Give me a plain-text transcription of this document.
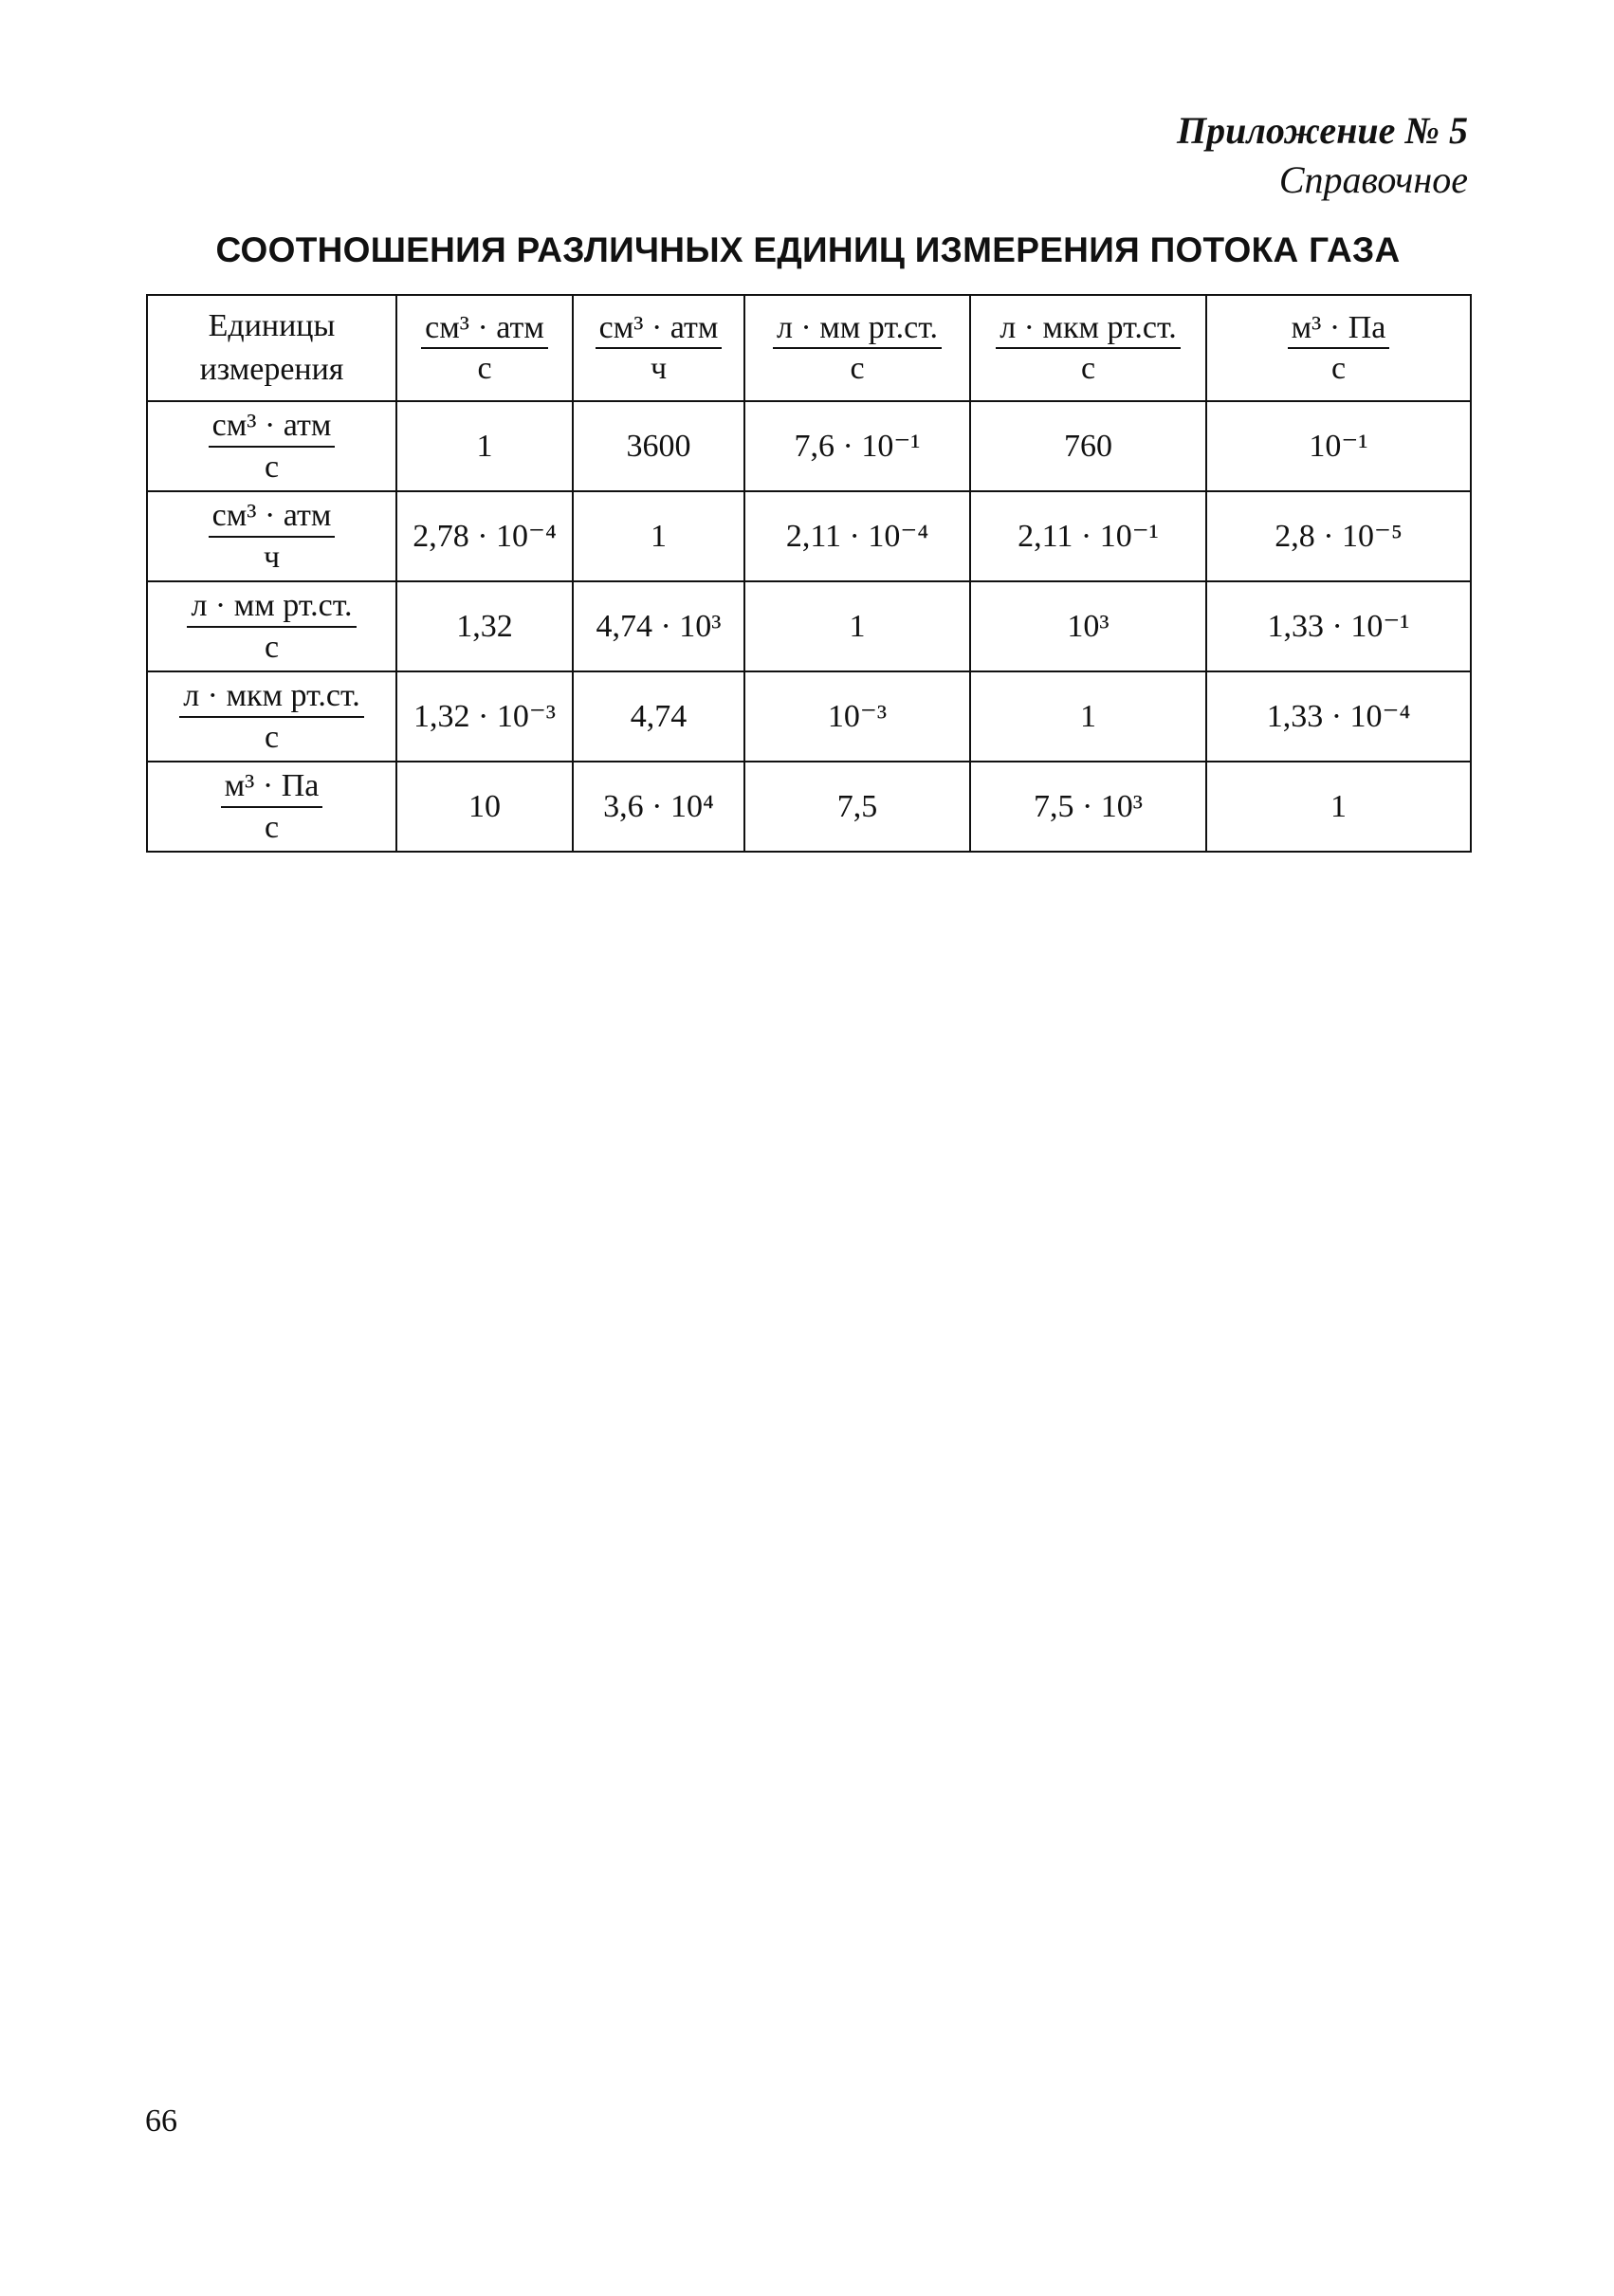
Приложение № 5
Справочное
СООТНОШЕНИЯ РАЗЛИЧНЫХ ЕДИНИЦ ИЗМЕРЕНИЯ ПОТОКА ГАЗА
Единицы
измерения	$\frac{\text{см³ · атм}}{с}$	$\frac{\text{см³ · атм}}{ч}$	$\frac{\text{л · мм рт.ст.}}{с}$	$\frac{\text{л · мкм рт.ст.}}{с}$	$\frac{\text{м³ · Па}}{с}$

$\frac{\text{см³ · атм}}{с}$	1	3600	7,6 · 10⁻¹	760	10⁻¹

$\frac{\text{см³ · атм}}{ч}$	2,78 · 10⁻⁴	1	2,11 · 10⁻⁴	2,11 · 10⁻¹	2,8 · 10⁻⁵

$\frac{\text{л · мм рт.ст.}}{с}$	1,32	4,74 · 10³	1	10³	1,33 · 10⁻¹

$\frac{\text{л · мкм рт.ст.}}{с}$	1,32 · 10⁻³	4,74	10⁻³	1	1,33 · 10⁻⁴

$\frac{\text{м³ · Па}}{с}$	10	3,6 · 10⁴	7,5	7,5 · 10³	1
66
